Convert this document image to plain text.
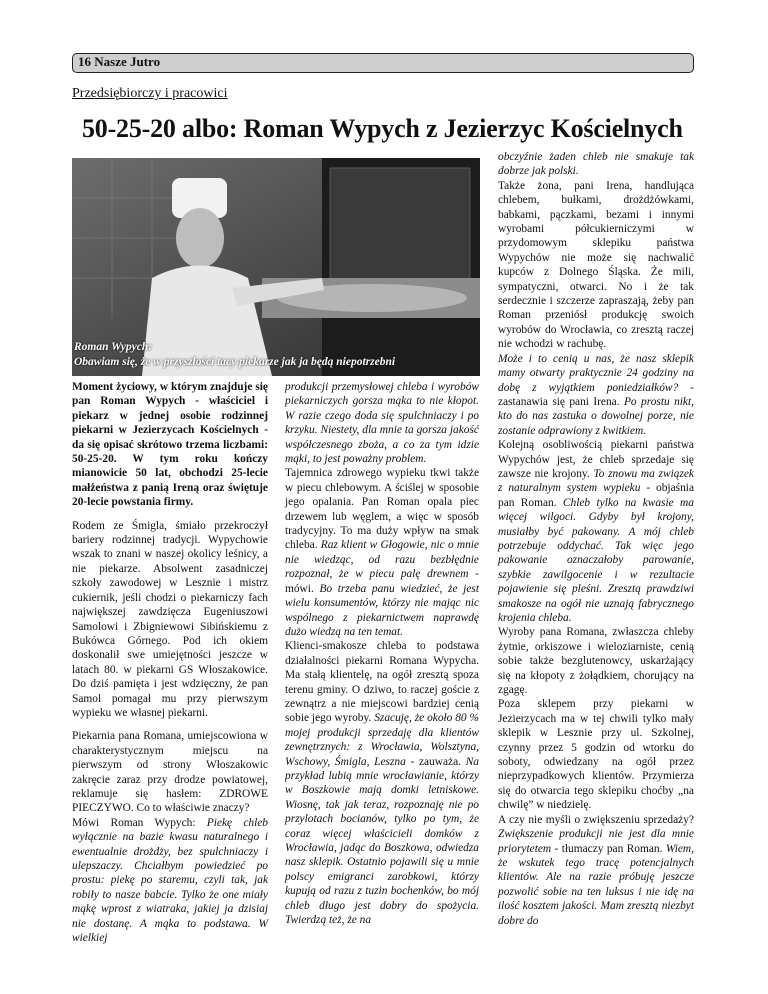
16 Nasze Jutro
Przedsiębiorczy i pracowici
50-25-20 albo: Roman Wypych z Jezierzyc Kościelnych
Roman Wypych:
Obawiam się, że w przyszłości tacy piekarze jak ja będą niepotrzebni

Moment życiowy, w którym znajduje się pan Roman Wypych - właściciel i piekarz w jednej osobie rodzinnej piekarni w Jezierzycach Kościelnych - da się opisać skrótowo trzema liczbami: 50-25-20. W tym roku kończy mianowicie 50 lat, obchodzi 25-lecie małżeństwa z panią Ireną oraz świętuje 20-lecie powstania firmy.

Rodem ze Śmigla, śmiało przekroczył bariery rodzinnej tradycji. Wypychowie wszak to znani w naszej okolicy leśnicy, a nie piekarze. Absolwent zasadniczej szkoły zawodowej w Lesznie i mistrz cukiernik, jeśli chodzi o piekarniczy fach największej zawdzięcza Eugeniuszowi Samolowi i Zbigniewowi Sibińskiemu z Bukówca Górnego. Pod ich okiem doskonalił swe umiejętności jeszcze w latach 80. w piekarni GS Włoszakowice. Do dziś pamięta i jest wdzięczny, że pan Samol pomagał mu przy pierwszym wypieku we własnej piekarni.

Piekarnia pana Romana, umiejscowiona w charakterystycznym miejscu na pierwszym od strony Włoszakowic zakręcie zaraz przy drodze powiatowej, reklamuje się hasłem: ZDROWE PIECZYWO. Co to właściwie znaczy?

Mówi Roman Wypych: Piekę chleb wyłącznie na bazie kwasu naturalnego i ewentualnie drożdży, bez spulchniaczy i ulepszaczy. Chciałbym powiedzieć po prostu: piekę po staremu, czyli tak, jak robiły to nasze babcie. Tylko że one miały mąkę wprost z wiatraka, jakiej ja dzisiaj nie dostanę. A mąka to podstawa. W wielkiej

produkcji przemysłowej chleba i wyrobów piekarniczych gorsza mąka to nie kłopot. W razie czego doda się spulchniaczy i po krzyku. Niestety, dla mnie ta gorsza jakość współczesnego zboża, a co za tym idzie mąki, to jest poważny problem.

Tajemnica zdrowego wypieku tkwi także w piecu chlebowym. A ściślej w sposobie jego opalania. Pan Roman opala piec drzewem lub węglem, a więc w sposób tradycyjny. To ma duży wpływ na smak chleba. Raz klient w Głogowie, nic o mnie nie wiedząc, od razu bezbłędnie rozpoznał, że w piecu palę drewnem - mówi. Bo trzeba panu wiedzieć, że jest wielu konsumentów, którzy nie mając nic wspólnego z piekarnictwem naprawdę dużo wiedzą na ten temat.

Klienci-smakosze chleba to podstawa działalności piekarni Romana Wypycha. Ma stałą klientelę, na ogół zresztą spoza terenu gminy. O dziwo, to raczej goście z zewnątrz a nie miejscowi bardziej cenią sobie jego wyroby. Szacuję, że około 80 % mojej produkcji sprzedaję dla klientów zewnętrznych: z Wrocławia, Wolsztyna, Wschowy, Śmigla, Leszna - zauważa. Na przykład lubią mnie wrocławianie, którzy w Boszkowie mają domki letniskowe. Wiosnę, tak jak teraz, rozpoznaję nie po przylotach bocianów, tylko po tym, że coraz więcej właścicieli domków z Wrocławia, jadąc do Boszkowa, odwiedza nasz sklepik. Ostatnio pojawili się u mnie polscy emigranci zarobkowi, którzy kupują od razu z tuzin bochenków, bo mój chleb długo jest dobry do spożycia. Twierdzą też, że na

obczyźnie żaden chleb nie smakuje tak dobrze jak polski.

Także żona, pani Irena, handlująca chlebem, bułkami, drożdżówkami, babkami, pączkami, bezami i innymi wyrobami półcukierniczymi w przydomowym sklepiku państwa Wypychów nie może się nachwalić kupców z Dolnego Śląska. Że mili, sympatyczni, otwarci. No i że tak serdecznie i szczerze zapraszają, żeby pan Roman przeniósł produkcję swoich wyrobów do Wrocławia, co zresztą raczej nie wchodzi w rachubę.

Może i to cenią u nas, że nasz sklepik mamy otwarty praktycznie 24 godziny na dobę z wyjątkiem poniedziałków? - zastanawia się pani Irena. Po prostu nikt, kto do nas zastuka o dowolnej porze, nie zostanie odprawiony z kwitkiem.

Kolejną osobliwością piekarni państwa Wypychów jest, że chleb sprzedaje się zawsze nie krojony. To znowu ma związek z naturalnym system wypieku - objaśnia pan Roman. Chleb tylko na kwasie ma więcej wilgoci. Gdyby był krojony, musiałby być pakowany. A mój chleb potrzebuje oddychać. Tak więc jego pakowanie oznaczałoby parowanie, szybkie zawilgocenie i w rezultacie pojawienie się pleśni. Zresztą prawdziwi smakosze na ogół nie uznają fabrycznego krojenia chleba.

Wyroby pana Romana, zwłaszcza chleby żytnie, orkiszowe i wieloziarniste, cenią sobie także bezglutenowcy, uskarżający się na kłopoty z żołądkiem, chorujący na zgagę.

Poza sklepem przy piekarni w Jezierzycach ma w tej chwili tylko mały sklepik w Lesznie przy ul. Szkolnej, czynny przez 5 godzin od wtorku do soboty, odwiedzany na ogół przez nieprzypadkowych klientów. Przymierza się do otwarcia tego sklepiku choćby „na chwilę” w niedzielę.

A czy nie myśli o zwiększeniu sprzedaży? Zwiększenie produkcji nie jest dla mnie priorytetem - tłumaczy pan Roman. Wiem, że wskutek tego tracę potencjalnych klientów. Ale na razie próbuję jeszcze pozwolić sobie na ten luksus i nie idę na ilość kosztem jakości. Mam zresztą niezbyt dobre do
